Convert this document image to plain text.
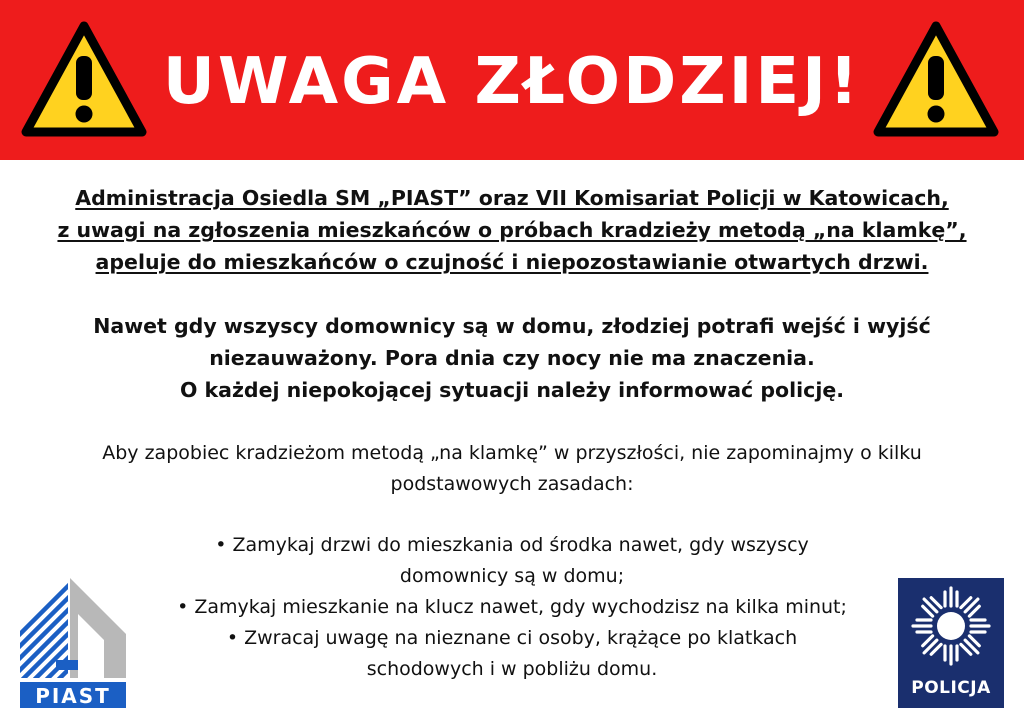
UWAGA ZŁODZIEJ!

Administracja Osiedla SM „PIAST” oraz VII Komisariat Policji w Katowicach,

z uwagi na zgłoszenia mieszkańców o próbach kradzieży metodą „na klamkę”,

apeluje do mieszkańców o czujność i niepozostawianie otwartych drzwi.

Nawet gdy wszyscy domownicy są w domu, złodziej potrafi wejść i wyjść

niezauważony. Pora dnia czy nocy nie ma znaczenia.

O każdej niepokojącej sytuacji należy informować policję.

Aby zapobiec kradzieżom metodą „na klamkę” w przyszłości, nie zapominajmy o kilku

podstawowych zasadach:

• Zamykaj drzwi do mieszkania od środka nawet, gdy wszyscy

domownicy są w domu;

• Zamykaj mieszkanie na klucz nawet, gdy wychodzisz na kilka minut;

• Zwracaj uwagę na nieznane ci osoby, krążące po klatkach

schodowych i w pobliżu domu.

PIAST	POLICJA
